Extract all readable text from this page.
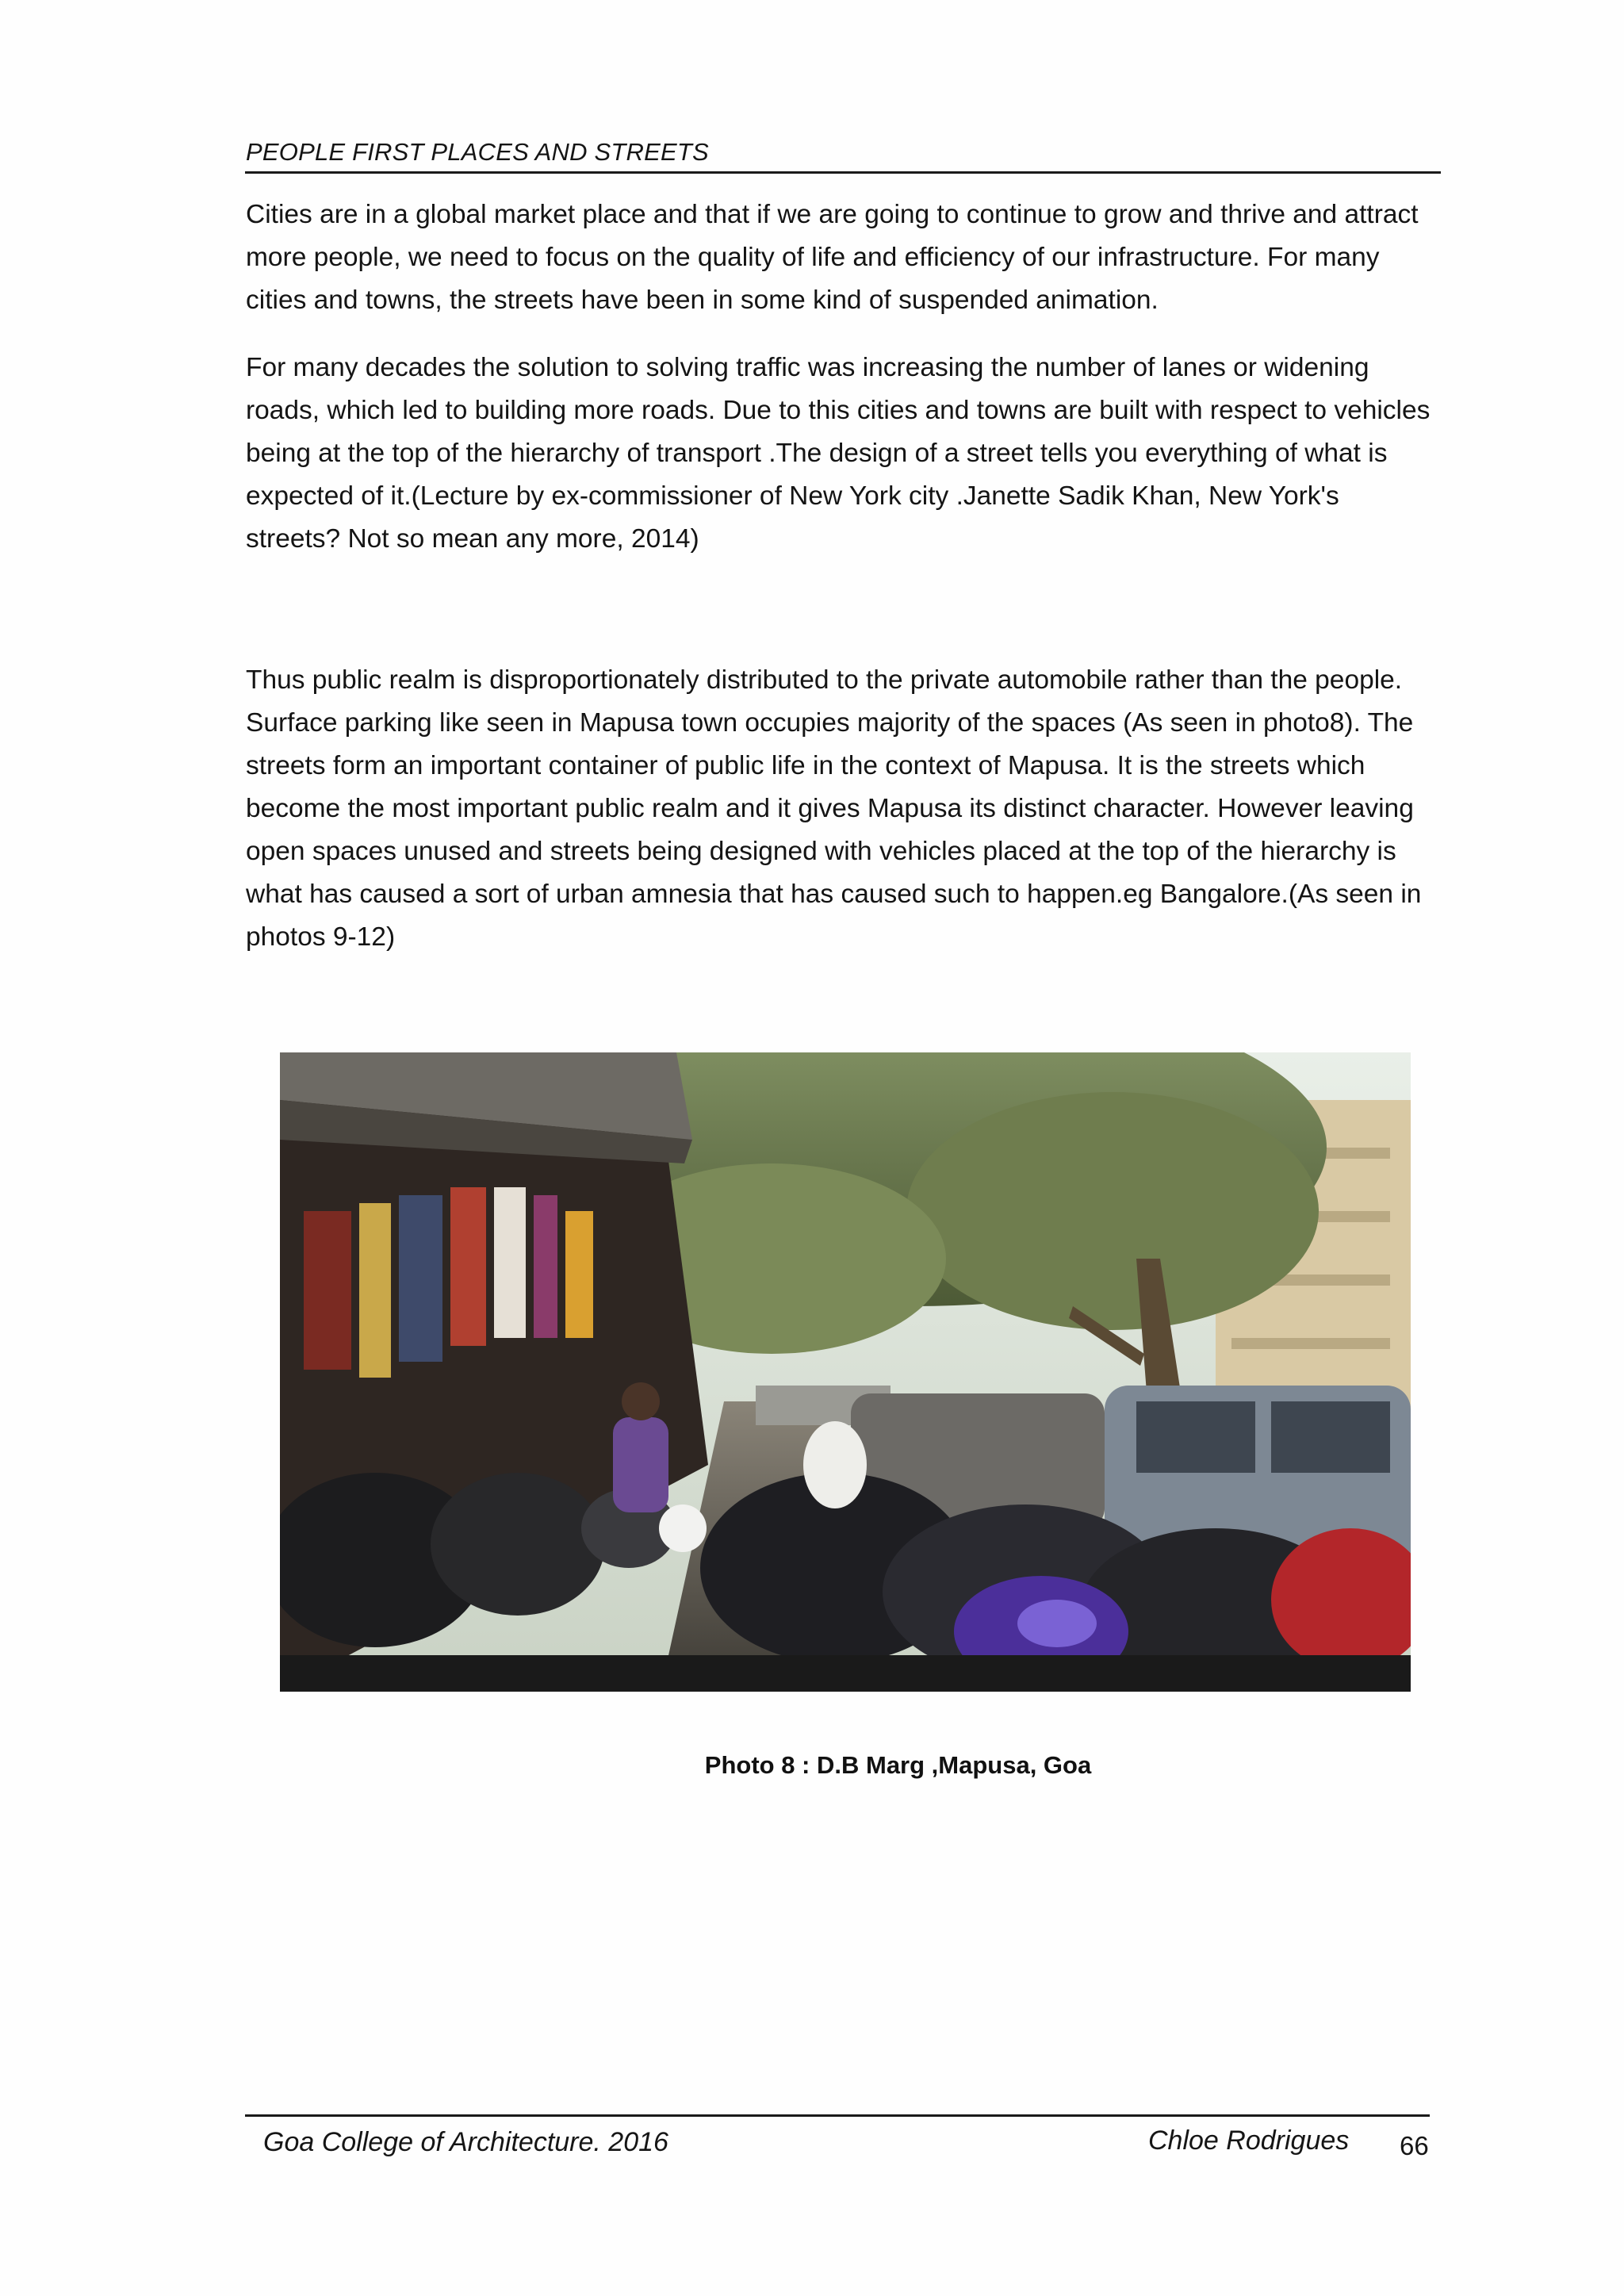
PEOPLE FIRST PLACES AND STREETS

Cities are in a global market place and that if we are going to continue to grow and thrive and attract more people, we need to focus on the quality of life and efficiency of our infrastructure. For many cities and towns, the streets have been in some kind of suspended animation.

For many decades the solution to solving traffic was increasing the number of lanes or widening roads, which led to building more roads. Due to this cities and towns are built with respect to vehicles being at the top of the hierarchy of transport .The design of a street tells you everything of what is expected of it.(Lecture by ex-commissioner of New York city .Janette Sadik Khan, New York's streets? Not so mean any more, 2014)

Thus public realm is disproportionately distributed to the private automobile rather than the people. Surface parking like seen in Mapusa town occupies majority of the spaces (As seen in photo8). The streets form an important container of public life in the context of Mapusa. It is the streets which become the most important public realm and it gives Mapusa its distinct character. However leaving open spaces unused and streets being designed with vehicles placed at the top of the hierarchy is what has caused a sort of urban amnesia that has caused such to happen.eg Bangalore.(As seen in photos 9-12)

Photo 8 : D.B Marg ,Mapusa, Goa
Goa College of Architecture. 2016	Chloe Rodrigues 66
